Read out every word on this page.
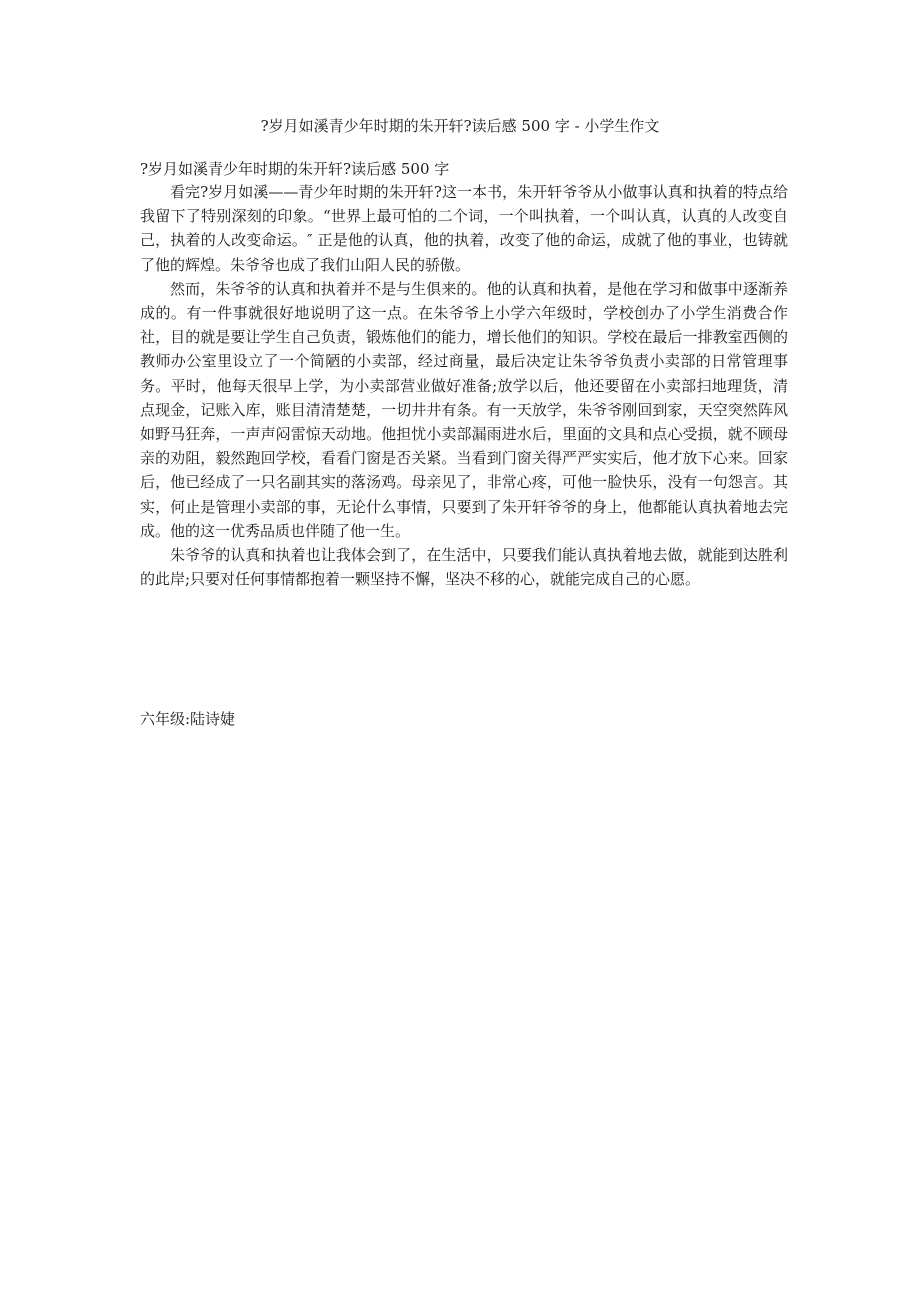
?岁月如溪青少年时期的朱开轩?读后感 500 字 - 小学生作文

?岁月如溪青少年时期的朱开轩?读后感 500 字

看完?岁月如溪——青少年时期的朱开轩?这一本书，朱开轩爷爷从小做事认真和执着的特点给我留下了特别深刻的印象。“世界上最可怕的二个词，一个叫执着，一个叫认真，认真的人改变自己，执着的人改变命运。″ 正是他的认真，他的执着，改变了他的命运，成就了他的事业，也铸就了他的辉煌。朱爷爷也成了我们山阳人民的骄傲。

然而，朱爷爷的认真和执着并不是与生俱来的。他的认真和执着，是他在学习和做事中逐渐养成的。有一件事就很好地说明了这一点。在朱爷爷上小学六年级时，学校创办了小学生消费合作社，目的就是要让学生自己负责，锻炼他们的能力，增长他们的知识。学校在最后一排教室西侧的教师办公室里设立了一个简陋的小卖部，经过商量，最后决定让朱爷爷负责小卖部的日常管理事务。平时，他每天很早上学，为小卖部营业做好准备;放学以后，他还要留在小卖部扫地理货，清点现金，记账入库，账目清清楚楚，一切井井有条。有一天放学，朱爷爷刚回到家，天空突然阵风如野马狂奔，一声声闷雷惊天动地。他担忧小卖部漏雨进水后，里面的文具和点心受损，就不顾母亲的劝阻，毅然跑回学校，看看门窗是否关紧。当看到门窗关得严严实实后，他才放下心来。回家后，他已经成了一只名副其实的落汤鸡。母亲见了，非常心疼，可他一脸快乐，没有一句怨言。其实，何止是管理小卖部的事，无论什么事情，只要到了朱开轩爷爷的身上，他都能认真执着地去完成。他的这一优秀品质也伴随了他一生。

朱爷爷的认真和执着也让我体会到了，在生活中，只要我们能认真执着地去做，就能到达胜利的此岸;只要对任何事情都抱着一颗坚持不懈，坚决不移的心，就能完成自己的心愿。

六年级:陆诗婕
